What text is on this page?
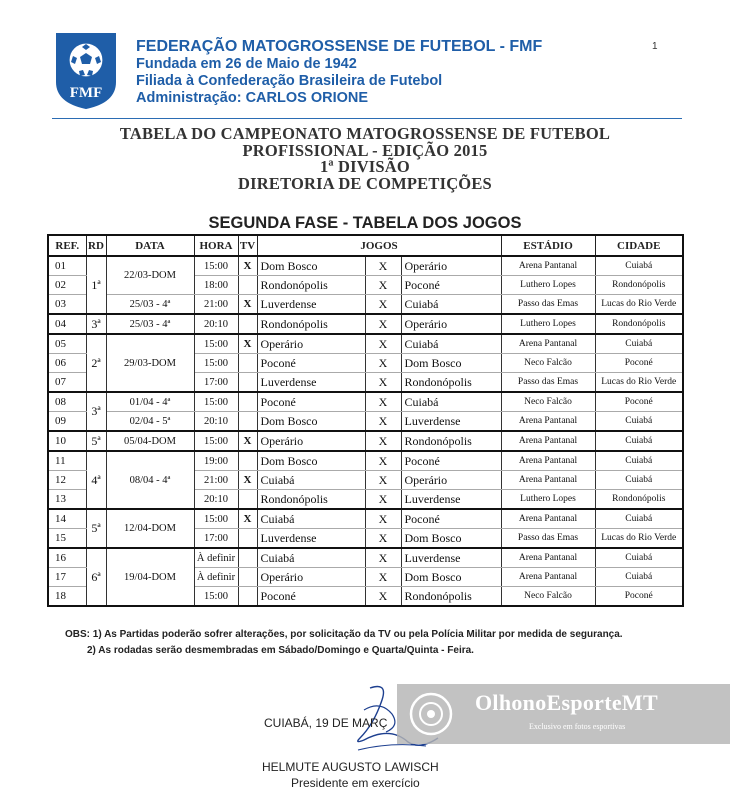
FMF
FEDERAÇÃO MATOGROSSENSE DE FUTEBOL - FMF
Fundada em 26 de Maio de 1942
Filiada à Confederação Brasileira de Futebol
Administração: CARLOS ORIONE
1
TABELA DO CAMPEONATO MATOGROSSENSE DE FUTEBOL
PROFISSIONAL - EDIÇÃO 2015
1ª DIVISÃO
DIRETORIA DE COMPETIÇÕES
SEGUNDA FASE - TABELA DOS JOGOS
REF.	RD	DATA	HORA	TV	JOGOS			ESTÁDIO	CIDADE
01	1ª	22/03-DOM	15:00	X	Dom Bosco	X	Operário	Arena Pantanal	Cuiabá
02			18:00		Rondonópolis	X	Poconé	Luthero Lopes	Rondonópolis
03		25/03 - 4ª	21:00	X	Luverdense	X	Cuiabá	Passo das Emas	Lucas do Rio Verde
04	3ª	25/03 - 4ª	20:10		Rondonópolis	X	Operário	Luthero Lopes	Rondonópolis
05	2ª	29/03-DOM	15:00	X	Operário	X	Cuiabá	Arena Pantanal	Cuiabá
06			15:00		Poconé	X	Dom Bosco	Neco Falcão	Poconé
07			17:00		Luverdense	X	Rondonópolis	Passo das Emas	Lucas do Rio Verde
08	3ª	01/04 - 4ª	15:00		Poconé	X	Cuiabá	Neco Falcão	Poconé
09		02/04 - 5ª	20:10		Dom Bosco	X	Luverdense	Arena Pantanal	Cuiabá
10	5ª	05/04-DOM	15:00	X	Operário	X	Rondonópolis	Arena Pantanal	Cuiabá
11	4ª	08/04 - 4ª	19:00		Dom Bosco	X	Poconé	Arena Pantanal	Cuiabá
12			21:00	X	Cuiabá	X	Operário	Arena Pantanal	Cuiabá
13			20:10		Rondonópolis	X	Luverdense	Luthero Lopes	Rondonópolis
14	5ª	12/04-DOM	15:00	X	Cuiabá	X	Poconé	Arena Pantanal	Cuiabá
15			17:00		Luverdense	X	Dom Bosco	Passo das Emas	Lucas do Rio Verde
16	6ª	19/04-DOM	À definir		Cuiabá	X	Luverdense	Arena Pantanal	Cuiabá
17			À definir		Operário	X	Dom Bosco	Arena Pantanal	Cuiabá
18			15:00		Poconé	X	Rondonópolis	Neco Falcão	Poconé
OBS: 1) As Partidas poderão sofrer alterações, por solicitação da TV ou pela Polícia Militar por medida de segurança.
2) As rodadas serão desmembradas em Sábado/Domingo e Quarta/Quinta - Feira.
CUIABÁ, 19 DE MARÇ
HELMUTE AUGUSTO LAWISCH
Presidente em exercício
OlhonoEsporteMT
Exclusivo em fotos esportivas
